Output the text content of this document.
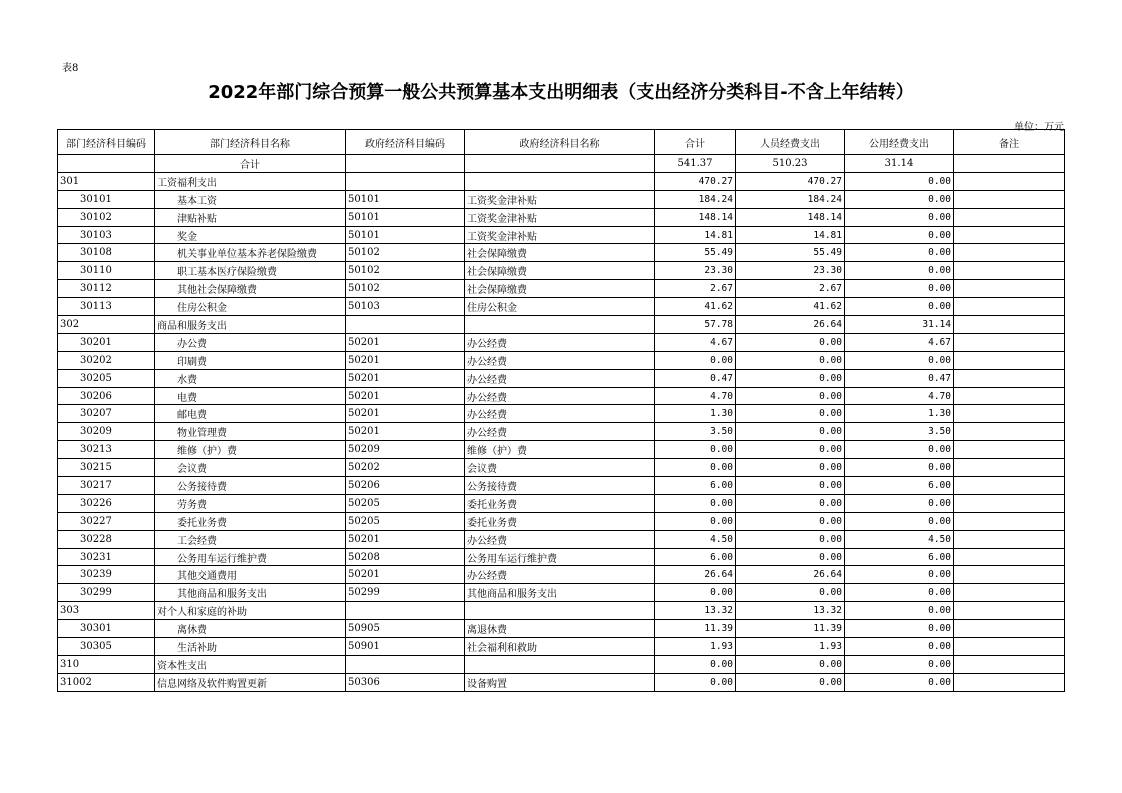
表8
2022年部门综合预算一般公共预算基本支出明细表（支出经济分类科目-不含上年结转）
单位：万元
部门经济科目编码	部门经济科目名称	政府经济科目编码	政府经济科目名称	合计	人员经费支出	公用经费支出	备注
	合计			541.37	510.23	31.14	
301	工资福利支出			470.27	470.27	0.00	
30101	基本工资	50101	工资奖金津补贴	184.24	184.24	0.00	
30102	津贴补贴	50101	工资奖金津补贴	148.14	148.14	0.00	
30103	奖金	50101	工资奖金津补贴	14.81	14.81	0.00	
30108	机关事业单位基本养老保险缴费	50102	社会保障缴费	55.49	55.49	0.00	
30110	职工基本医疗保险缴费	50102	社会保障缴费	23.30	23.30	0.00	
30112	其他社会保障缴费	50102	社会保障缴费	2.67	2.67	0.00	
30113	住房公积金	50103	住房公积金	41.62	41.62	0.00	
302	商品和服务支出			57.78	26.64	31.14	
30201	办公费	50201	办公经费	4.67	0.00	4.67	
30202	印刷费	50201	办公经费	0.00	0.00	0.00	
30205	水费	50201	办公经费	0.47	0.00	0.47	
30206	电费	50201	办公经费	4.70	0.00	4.70	
30207	邮电费	50201	办公经费	1.30	0.00	1.30	
30209	物业管理费	50201	办公经费	3.50	0.00	3.50	
30213	维修（护）费	50209	维修（护）费	0.00	0.00	0.00	
30215	会议费	50202	会议费	0.00	0.00	0.00	
30217	公务接待费	50206	公务接待费	6.00	0.00	6.00	
30226	劳务费	50205	委托业务费	0.00	0.00	0.00	
30227	委托业务费	50205	委托业务费	0.00	0.00	0.00	
30228	工会经费	50201	办公经费	4.50	0.00	4.50	
30231	公务用车运行维护费	50208	公务用车运行维护费	6.00	0.00	6.00	
30239	其他交通费用	50201	办公经费	26.64	26.64	0.00	
30299	其他商品和服务支出	50299	其他商品和服务支出	0.00	0.00	0.00	
303	对个人和家庭的补助			13.32	13.32	0.00	
30301	离休费	50905	离退休费	11.39	11.39	0.00	
30305	生活补助	50901	社会福利和救助	1.93	1.93	0.00	
310	资本性支出			0.00	0.00	0.00	
31002	信息网络及软件购置更新	50306	设备购置	0.00	0.00	0.00	
